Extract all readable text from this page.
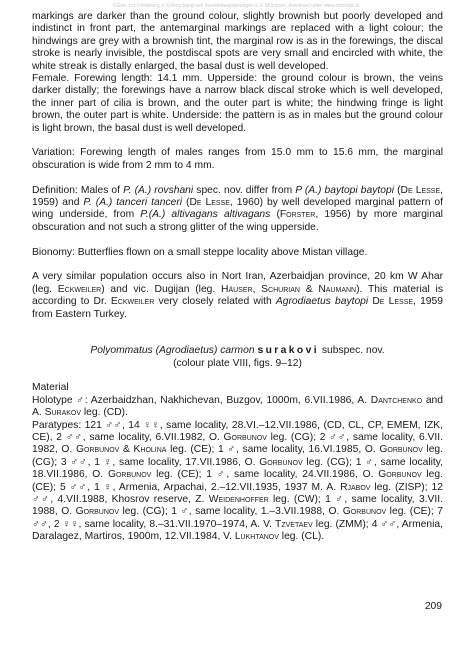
©Ges. zur Förderung d. Erforschung von Insektenwanderungen e.V. München, download unter www.zobodat.at

markings are darker than the ground colour, slightly brownish but poorly developed and indistinct in front part, the antemarginal markings are replaced with a light colour; the hindwings are grey with a brownish tint, the marginal row is as in the forewings, the discal stroke is nearly invisible, the postdiscal spots are very small and encircled with white, the white streak is distally enlarged, the basal dust is well developed.

Female. Forewing length: 14.1 mm. Upperside: the ground colour is brown, the veins darker distally; the forewings have a narrow black discal stroke which is well developed, the inner part of cilia is brown, and the outer part is white; the hindwing fringe is light brown, the outer part is white. Underside: the pattern is as in males but the ground colour is light brown, the basal dust is well developed.

Variation: Forewing length of males ranges from 15.0 mm to 15.6 mm, the marginal obscuration is wide from 2 mm to 4 mm.

Definition: Males of P. (A.) rovshani spec. nov. differ from P (A.) baytopi baytopi (De Lesse, 1959) and P. (A.) tanceri tanceri (De Lesse, 1960) by well developed marginal pattern of wing underside, from P.(A.) altivagans altivagans (Forster, 1956) by more marginal obscuration and not such a strong glitter of the wing upperside.

Bionomy: Butterflies flown on a small steppe locality above Mistan village.

A very similar population occurs also in Nort Iran, Azerbaidjan province, 20 km W Ahar (leg. Eckweiler) and vic. Dugijan (leg. Häuser, Schurian & Naumann). This material is according to Dr. Eckweiler very closely related with Agrodiaetus baytopi De Lesse, 1959 from Eastern Turkey.

Polyommatus (Agrodiaetus) carmon surakovi subspec. nov.

(colour plate VIII, figs. 9–12)

Material

Holotype ♂: Azerbaidzhan, Nakhichevan, Buzgov, 1000m, 6.VII.1986, A. Dantchenko and A. Surakov leg. (CD).

Paratypes: 121 ♂♂, 14 ♀♀, same locality, 28.VI.–12.VII.1986, (CD, CL, CP, EMEM, IZK, CE), 2 ♂♂, same locality, 6.VII.1982, O. Gorbunov leg. (CG); 2 ♂♂, same locality, 6.VII. 1982, O. Gorbunov & Kholina leg. (CE); 1 ♂, same locality, 16.VI.1985, O. Gorbunov leg. (CG); 3 ♂♂, 1 ♀, same locality, 17.VII.1986, O. Gorbunov leg. (CG); 1 ♂, same locality, 18.VII.1986, O. Gorbunov leg. (CE); 1 ♂, same locality, 24.VII.1986, O. Gorbunov leg. (CE); 5 ♂♂, 1 ♀, Armenia, Arpachai, 2.–12.VII.1935, 1937 M. A. Rjabov leg. (ZISP); 12 ♂♂, 4.VII.1988, Khosrov reserve, Z. Weidenhoffer leg. (CW); 1 ♂, same locality, 3.VII. 1988, O. Gorbunov leg. (CG); 1 ♂, same locality, 1.–3.VII.1988, O. Gorbunov leg. (CE); 7 ♂♂, 2 ♀♀, same locality, 8.–31.VII.1970–1974, A. V. Tzvetaev leg. (ZMM); 4 ♂♂, Armenia, Daralagez, Martiros, 1900m, 12.VII.1984, V. Lukhtanov leg. (CL).

209
